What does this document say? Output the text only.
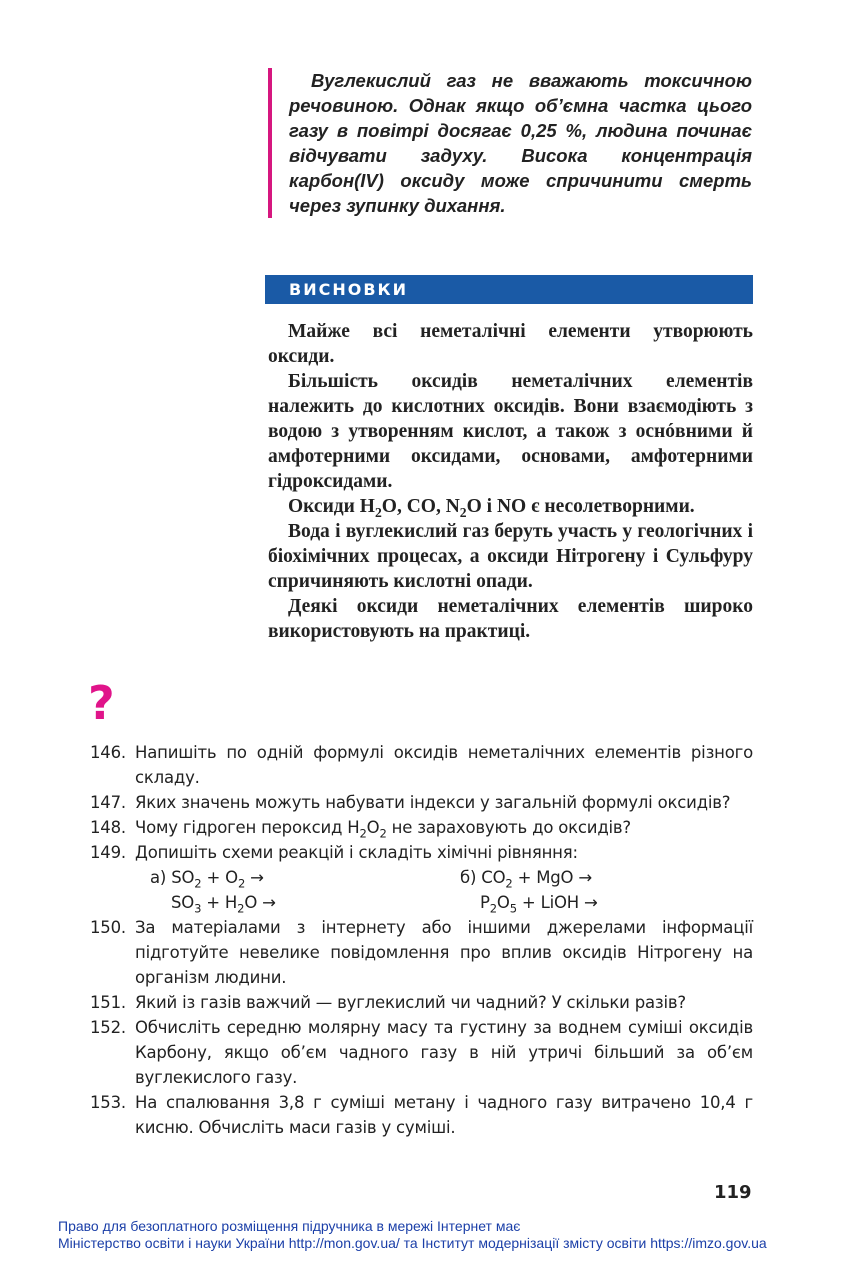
Вуглекислий газ не вважають токсичною речовиною. Однак якщо об’ємна частка цього газу в повітрі досягає 0,25 %, людина починає відчувати задуху. Висока концентрація карбон(IV) оксиду може спричинити смерть через зупинку дихання.
ВИСНОВКИ

Майже всі неметалічні елементи утворюють оксиди.

Більшість оксидів неметалічних елементів належить до кислотних оксидів. Вони взаємодіють з водою з утворенням кислот, а також з оснóвними й амфотерними оксидами, основами, амфотерними гідроксидами.

Оксиди $H_2O$, CO, $N_2O$ і NO є несолетворними.

Вода і вуглекислий газ беруть участь у геологічних і біохімічних процесах, а оксиди Нітрогену і Сульфуру спричиняють кислотні опади.

Деякі оксиди неметалічних елементів широко використовують на практиці.

?
146. Напишіть по одній формулі оксидів неметалічних елементів різного складу.
147. Яких значень можуть набувати індекси у загальній формулі оксидів?
148. Чому гідроген пероксид $H_2O_2$ не зараховують до оксидів?
149. Допишіть схеми реакцій і складіть хімічні рівняння:
а) $SO_2 + O_2$ →	б) $CO_2$ + MgO →
$SO_3 + H_2O$ →	$P_2O_5$ + LiOH →
150. За матеріалами з інтернету або іншими джерелами інформації підготуйте невелике повідомлення про вплив оксидів Нітрогену на організм людини.
151. Який із газів важчий — вуглекислий чи чадний? У скільки разів?
152. Обчисліть середню молярну масу та густину за воднем суміші оксидів Карбону, якщо об’єм чадного газу в ній утричі більший за об’єм вуглекислого газу.
153. На спалювання 3,8 г суміші метану і чадного газу витрачено 10,4 г кисню. Обчисліть маси газів у суміші.
119
Право для безоплатного розміщення підручника в мережі Інтернет має
Міністерство освіти і науки України http://mon.gov.ua/ та Інститут модернізації змісту освіти https://imzo.gov.ua
